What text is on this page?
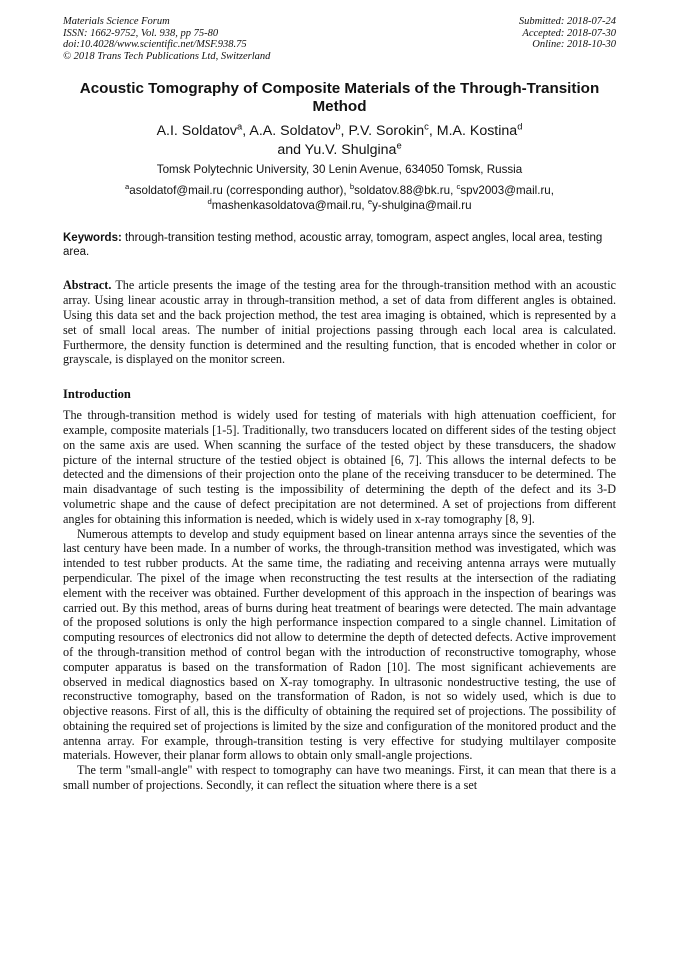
Materials Science Forum
ISSN: 1662-9752, Vol. 938, pp 75-80
doi:10.4028/www.scientific.net/MSF.938.75
© 2018 Trans Tech Publications Ltd, Switzerland
Submitted: 2018-07-24
Accepted: 2018-07-30
Online: 2018-10-30
Acoustic Tomography of Composite Materials of the Through-Transition Method
A.I. Soldatov$^a$, A.A. Soldatov$^b$, P.V. Sorokin$^c$, M.A. Kostina$^d$
and Yu.V. Shulgina$^e$
Tomsk Polytechnic University, 30 Lenin Avenue, 634050 Tomsk, Russia
$^a$asoldatof@mail.ru (corresponding author), $^b$soldatov.88@bk.ru, $^c$spv2003@mail.ru,
$^d$mashenkasoldatova@mail.ru, $^e$y-shulgina@mail.ru
Keywords: through-transition testing method, acoustic array, tomogram, aspect angles, local area, testing area.
Abstract. The article presents the image of the testing area for the through-transition method with an acoustic array. Using linear acoustic array in through-transition method, a set of data from different angles is obtained. Using this data set and the back projection method, the test area imaging is obtained, which is represented by a set of small local areas. The number of initial projections passing through each local area is calculated. Furthermore, the density function is determined and the resulting function, that is encoded whether in color or grayscale, is displayed on the monitor screen.
Introduction
The through-transition method is widely used for testing of materials with high attenuation coefficient, for example, composite materials [1-5]. Traditionally, two transducers located on different sides of the testing object on the same axis are used. When scanning the surface of the tested object by these transducers, the shadow picture of the internal structure of the testied object is obtained [6, 7]. This allows the internal defects to be detected and the dimensions of their projection onto the plane of the receiving transducer to be determined. The main disadvantage of such testing is the impossibility of determining the depth of the defect and its 3-D volumetric shape and the cause of defect precipitation are not determined. A set of projections from different angles for obtaining this information is needed, which is widely used in x-ray tomography [8, 9].
Numerous attempts to develop and study equipment based on linear antenna arrays since the seventies of the last century have been made. In a number of works, the through-transition method was investigated, which was intended to test rubber products. At the same time, the radiating and receiving antenna arrays were mutually perpendicular. The pixel of the image when reconstructing the test results at the intersection of the radiating element with the receiver was obtained. Further development of this approach in the inspection of bearings was carried out. By this method, areas of burns during heat treatment of bearings were detected. The main advantage of the proposed solutions is only the high performance inspection compared to a single channel. Limitation of computing resources of electronics did not allow to determine the depth of detected defects. Active improvement of the through-transition method of control began with the introduction of reconstructive tomography, whose computer apparatus is based on the transformation of Radon [10]. The most significant achievements are observed in medical diagnostics based on X-ray tomography. In ultrasonic nondestructive testing, the use of reconstructive tomography, based on the transformation of Radon, is not so widely used, which is due to objective reasons. First of all, this is the difficulty of obtaining the required set of projections. The possibility of obtaining the required set of projections is limited by the size and configuration of the monitored product and the antenna array. For example, through-transition testing is very effective for studying multilayer composite materials. However, their planar form allows to obtain only small-angle projections.
The term "small-angle" with respect to tomography can have two meanings. First, it can mean that there is a small number of projections. Secondly, it can reflect the situation where there is a set
